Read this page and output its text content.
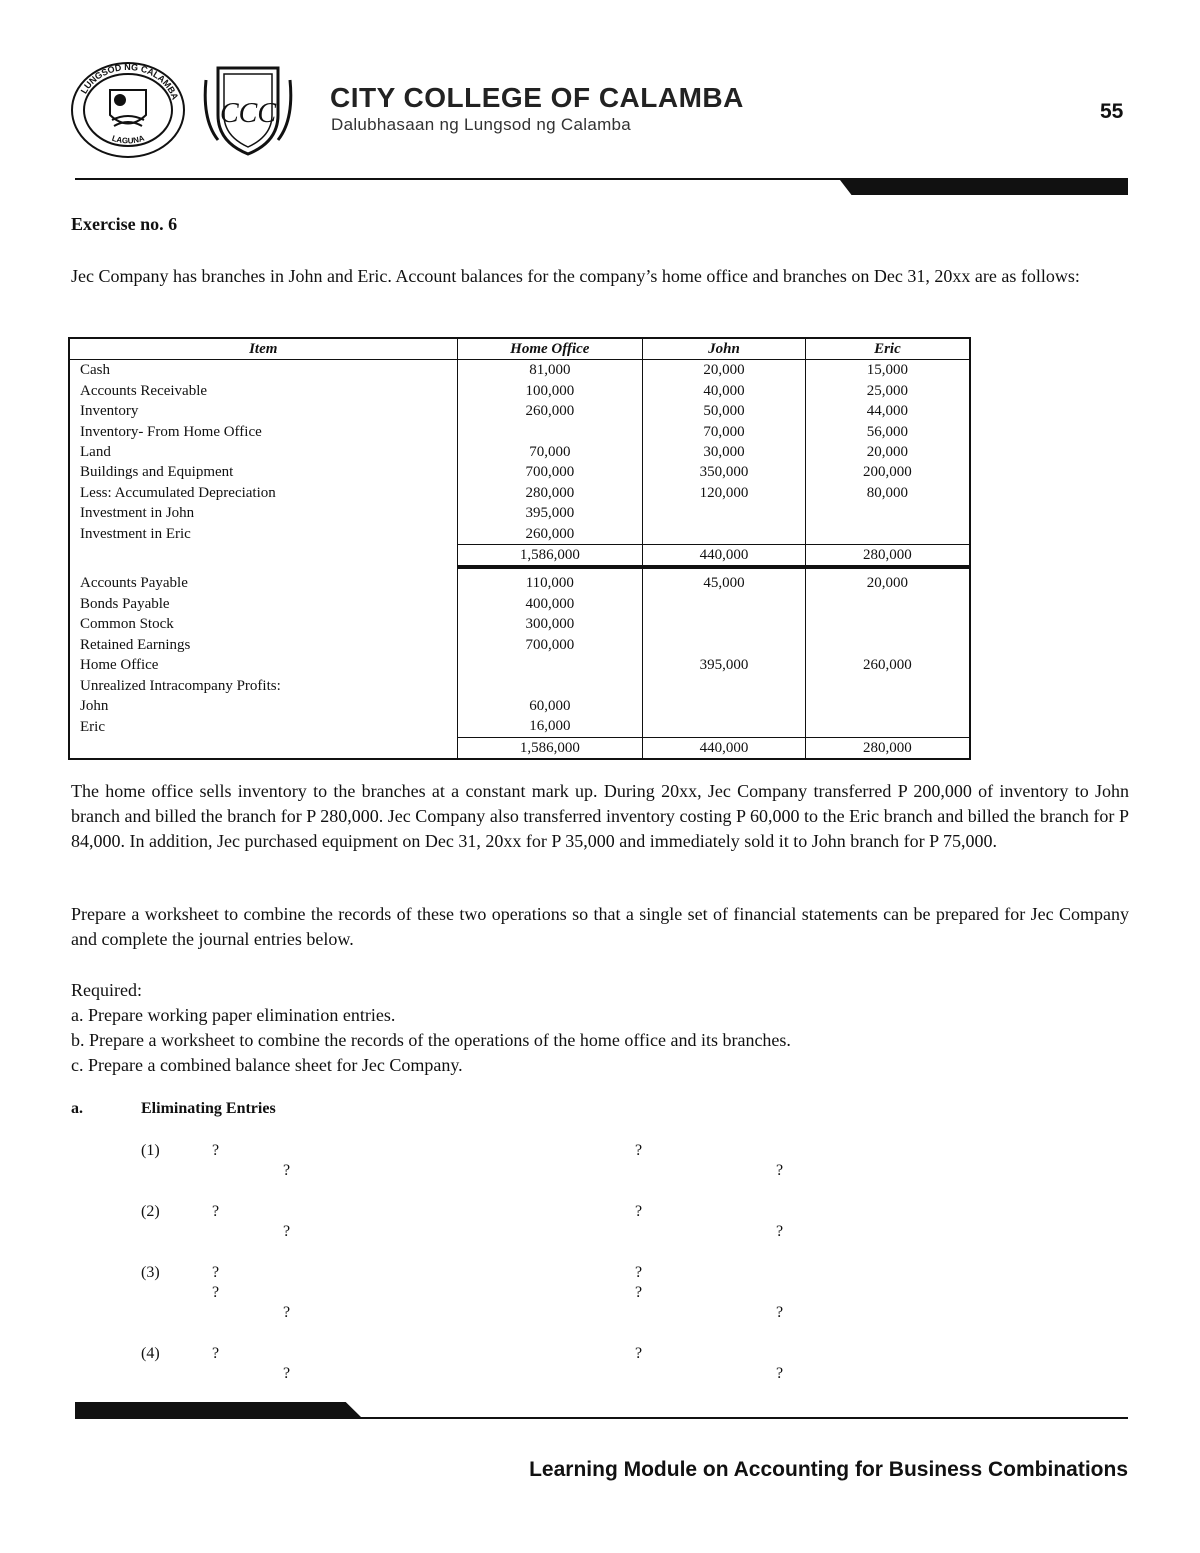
LUNGSOD NG CALAMBA
LAGUNA
CCC
CITY COLLEGE OF CALAMBA
Dalubhasaan ng Lungsod ng Calamba
55
Exercise no. 6
Jec Company has branches in John and Eric. Account balances for the company’s home office and branches on Dec 31, 20xx are as follows:
Item	Home Office	John	Eric
Cash	81,000	20,000	15,000
Accounts Receivable	100,000	40,000	25,000
Inventory	260,000	50,000	44,000
Inventory- From Home Office		70,000	56,000
Land	70,000	30,000	20,000
Buildings and Equipment	700,000	350,000	200,000
Less: Accumulated Depreciation	280,000	120,000	80,000
Investment in John	395,000		
Investment in Eric	260,000		
	1,586,000	440,000	280,000

Accounts Payable	110,000	45,000	20,000
Bonds Payable	400,000		
Common Stock	300,000		
Retained Earnings	700,000		
Home Office		395,000	260,000
Unrealized Intracompany Profits:			
John	60,000		
Eric	16,000		
	1,586,000	440,000	280,000
The home office sells inventory to the branches at a constant mark up. During 20xx, Jec Company transferred P 200,000 of inventory to John branch and billed the branch for P 280,000. Jec Company also transferred inventory costing P 60,000 to the Eric branch and billed the branch for P 84,000. In addition, Jec purchased equipment on Dec 31, 20xx for P 35,000 and immediately sold it to John branch for P 75,000.
Prepare a worksheet to combine the records of these two operations so that a single set of financial statements can be prepared for Jec Company and complete the journal entries below.
Required:
a. Prepare working paper elimination entries.
b. Prepare a worksheet to combine the records of the operations of the home office and its branches.
c. Prepare a combined balance sheet for Jec Company.
a.	Eliminating Entries
(1)	?	?
?	?
(2)	?	?
?	?
(3)	?	?
?	?
?	?
(4)	?	?
?	?
Learning Module on Accounting for Business Combinations
